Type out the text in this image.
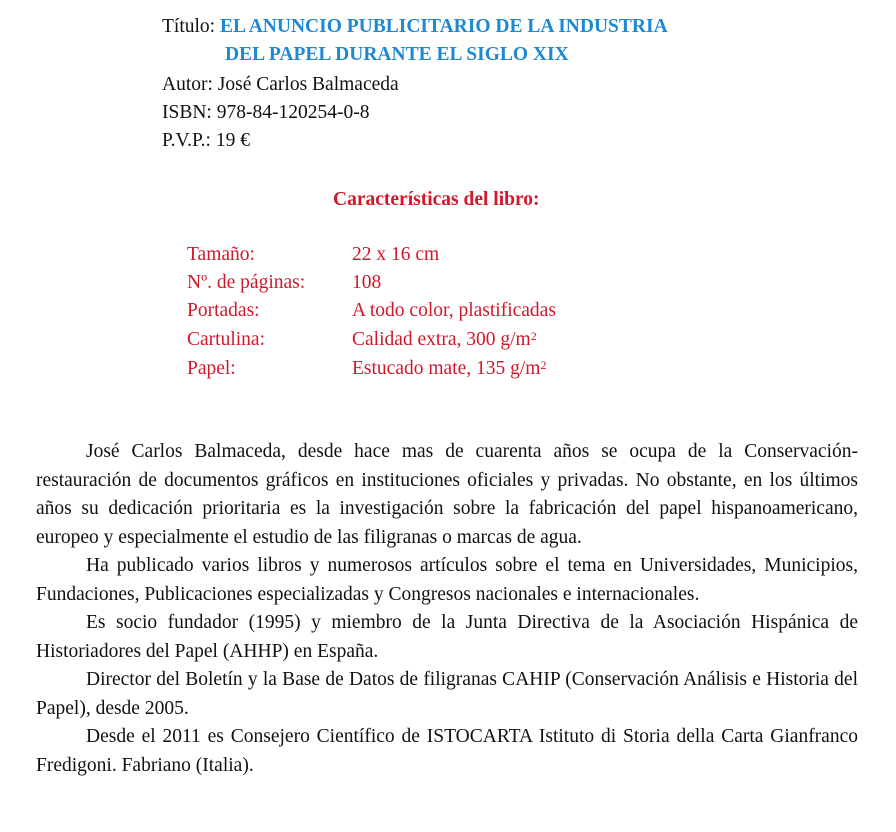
Título: EL ANUNCIO PUBLICITARIO DE LA INDUSTRIA
DEL PAPEL DURANTE EL SIGLO XIX
Autor: José Carlos Balmaceda
ISBN: 978-84-120254-0-8
P.V.P.: 19 €
Características del libro:
Tamaño:	22 x 16 cm
Nº. de páginas: 108
Portadas:	A todo color, plastificadas
Cartulina:	Calidad extra, 300 $g/m^2$
Papel:	Estucado mate, 135 $g/m^2$

José Carlos Balmaceda, desde hace mas de cuarenta años se ocupa de la Conservación-restauración de documentos gráficos en instituciones oficiales y privadas. No obstante, en los últimos años su dedicación prioritaria es la investigación sobre la fabricación del papel hispanoamericano, europeo y especialmente el estudio de las filigranas o marcas de agua.

Ha publicado varios libros y numerosos artículos sobre el tema en Universidades, Municipios, Fundaciones, Publicaciones especializadas y Congresos nacionales e internacionales.

Es socio fundador (1995) y miembro de la Junta Directiva de la Asociación Hispánica de Historiadores del Papel (AHHP) en España.

Director del Boletín y la Base de Datos de filigranas CAHIP (Conservación Análisis e Historia del Papel), desde 2005.

Desde el 2011 es Consejero Científico de ISTOCARTA Istituto di Storia della Carta Gianfranco Fredigoni. Fabriano (Italia).
